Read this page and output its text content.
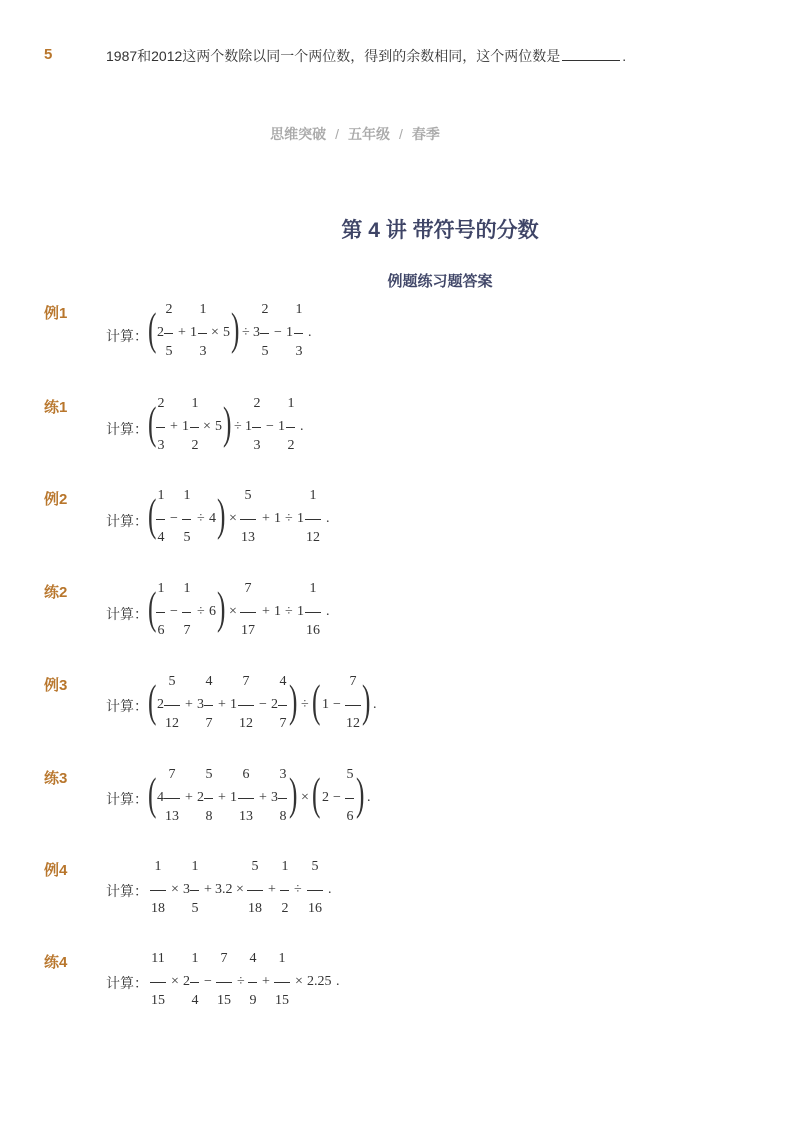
5	1987和2012这两个数除以同一个两位数，得到的余数相同，这个两位数是	.
思维突破 / 五年级 / 春季
第 4 讲 带符号的分数
例题练习题答案
例1
计算：
练1
计算：
例2
计算：
练2
计算：
例3
计算：
练3
计算：
例4
计算：
练4
计算：
( 2
2
5
+ 1
1
3
× 5 ) ÷ 3
2
5
− 1
1
3
.
( 2
3
+ 1
1
2
× 5 ) ÷ 1
2
3
− 1
1
2
.
( 1
4
−
1
5
÷ 4 ) ×
5
13
+ 1 ÷ 1
1
12
.
( 1
6
−
1
7
÷ 6 ) ×
7
17
+ 1 ÷ 1
1
16
.
( 2
5
12
+ 3
4
7
+ 1
7
12
− 2
4
7 ) ÷ ( 1 −
7
12 ) .
( 4
7
13
+ 2
5
8
+ 1
6
13
+ 3
3
8 ) × ( 2 −
5
6 ) .
1
18
× 3
1
5
+ 3.2 ×
5
18
+
1
2
÷
5
16
.
11
15
× 2
1
4
−
7
15
÷
4
9
+
1
15
× 2.25 .
